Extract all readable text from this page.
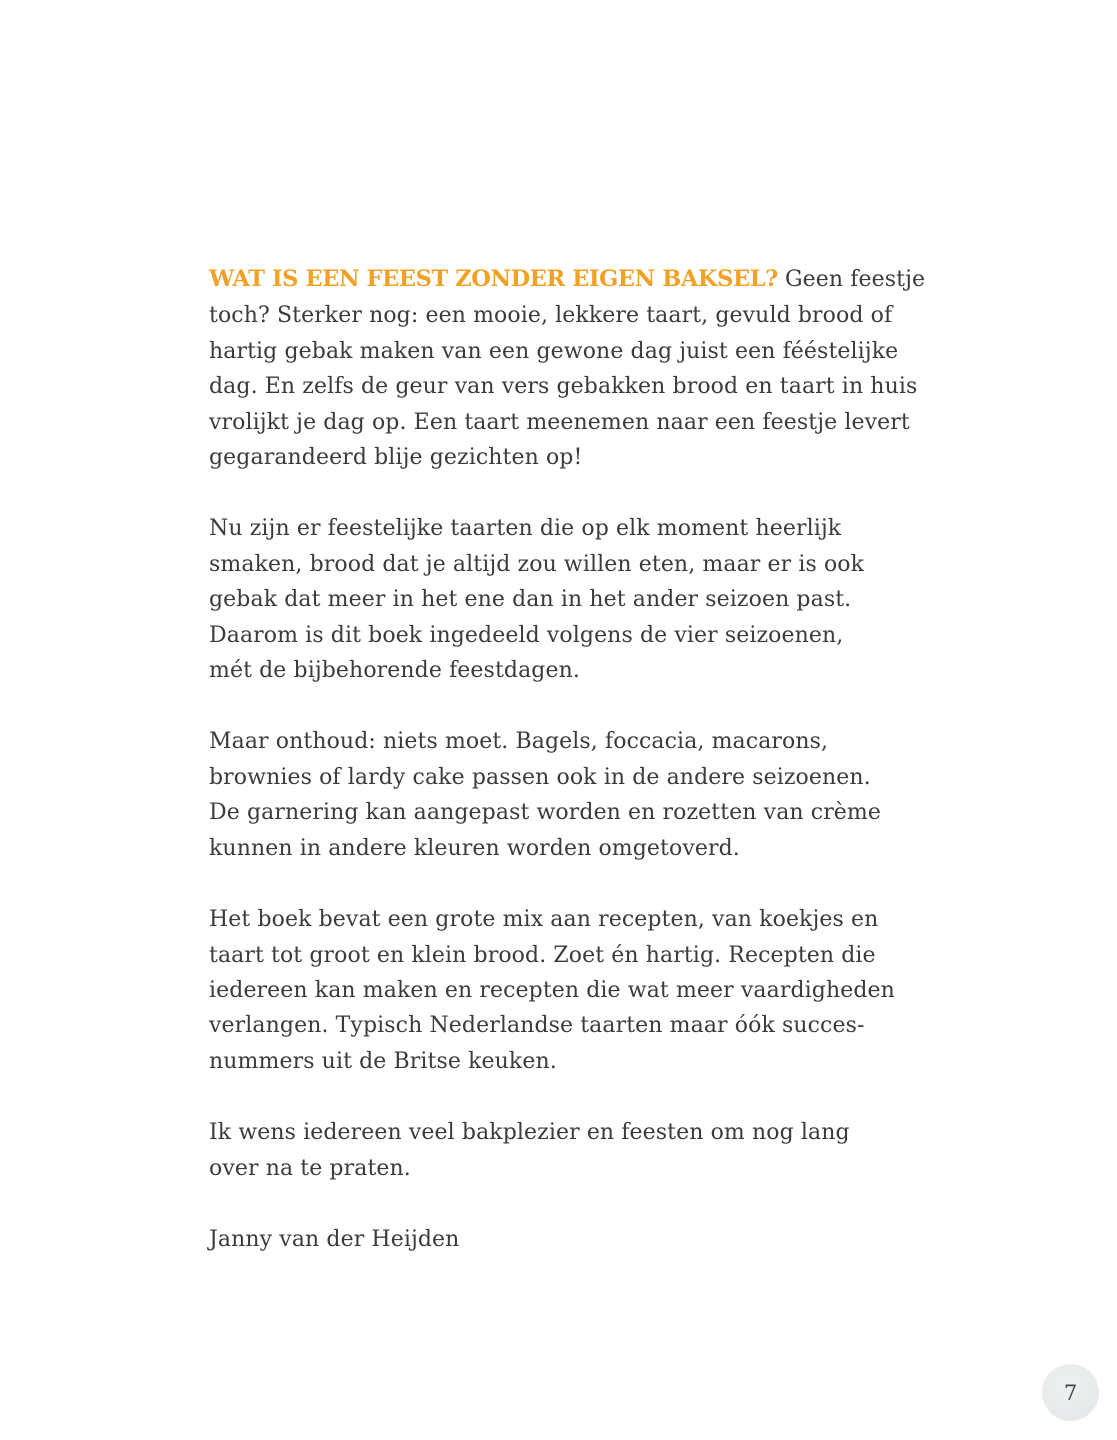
WAT IS EEN FEEST ZONDER EIGEN BAKSEL? Geen feestje
toch? Sterker nog: een mooie, lekkere taart, gevuld brood of
hartig gebak maken van een gewone dag juist een fééstelijke
dag. En zelfs de geur van vers gebakken brood en taart in huis
vrolijkt je dag op. Een taart meenemen naar een feestje levert
gegarandeerd blije gezichten op!

Nu zijn er feestelijke taarten die op elk moment heerlijk
smaken, brood dat je altijd zou willen eten, maar er is ook
gebak dat meer in het ene dan in het ander seizoen past.
Daarom is dit boek ingedeeld volgens de vier seizoenen,
mét de bijbehorende feestdagen.

Maar onthoud: niets moet. Bagels, foccacia, macarons,
brownies of lardy cake passen ook in de andere seizoenen.
De garnering kan aangepast worden en rozetten van crème
kunnen in andere kleuren worden omgetoverd.

Het boek bevat een grote mix aan recepten, van koekjes en
taart tot groot en klein brood. Zoet én hartig. Recepten die
iedereen kan maken en recepten die wat meer vaardigheden
verlangen. Typisch Nederlandse taarten maar óók succes-
nummers uit de Britse keuken.

Ik wens iedereen veel bakplezier en feesten om nog lang
over na te praten.

Janny van der Heijden

7
